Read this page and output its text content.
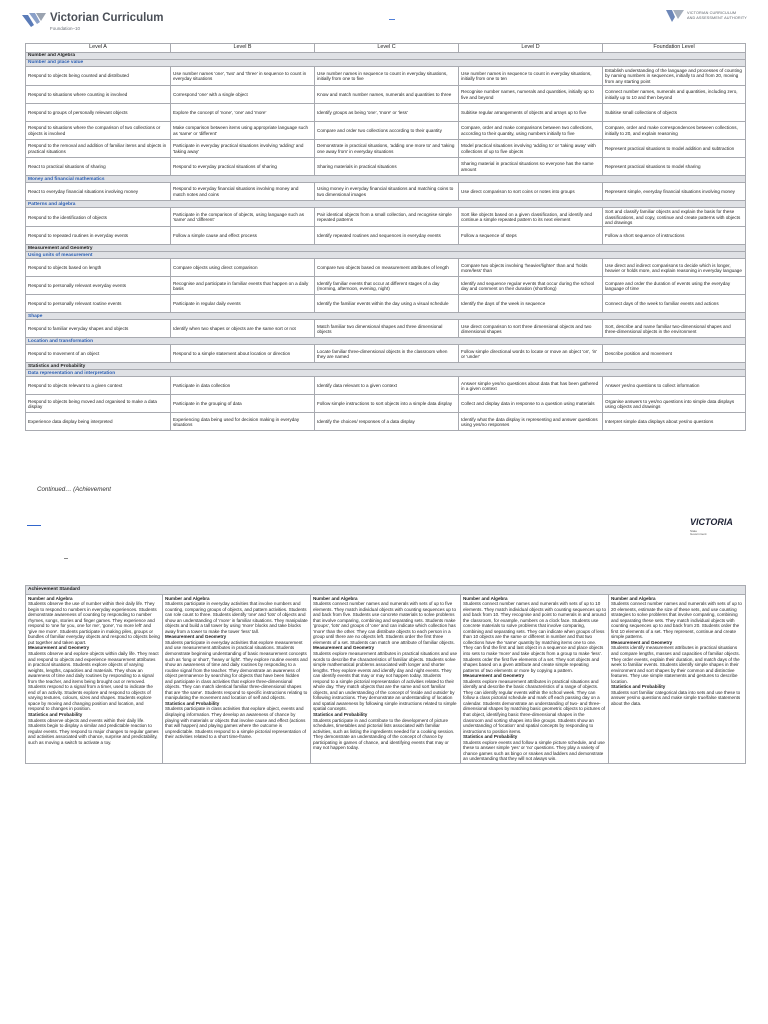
Victorian Curriculum
Foundation–10
VICTORIAN CURRICULUM
AND ASSESSMENT AUTHORITY
Level A	Level B	Level C	Level D	Foundation Level
Number and Algebra				
Number and place value				
Respond to objects being counted and distributed	Use number names 'one', 'two' and 'three' in sequence to count in everyday situations	Use number names in sequence to count in everyday situations, initially from one to five	Use number names in sequence to count in everyday situations, initially from one to ten	Establish understanding of the language and processes of counting by naming numbers in sequences, initially to and from 20, moving from any starting point
Respond to situations where counting is involved	Correspond 'one' with a single object	Know and match number names, numerals and quantities to three	Recognise number names, numerals and quantities, initially up to five and beyond	Connect number names, numerals and quantities, including zero, initially up to 10 and then beyond
Respond to groups of personally relevant objects	Explore the concept of 'none', 'one' and 'more'	Identify groups as being 'one', 'more' or 'less'	Subitise regular arrangements of objects and arrays up to five	Subitise small collections of objects
Respond to situations where the comparison of two collections or objects is involved	Make comparison between items using appropriate language such as 'same' or 'different'	Compare and order two collections according to their quantity	Compare, order and make comparisons between two collections, according to their quantity, using numbers initially to five	Compare, order and make correspondences between collections, initially to 20, and explain reasoning
Respond to the removal and addition of familiar items and objects in practical situations	Participate in everyday practical situations involving 'adding' and 'taking away'	Demonstrate in practical situations, 'adding one more to' and 'taking one away from' in everyday situations	Model practical situations involving 'adding to' or 'taking away' with collections of up to five objects	Represent practical situations to model addition and subtraction
React to practical situations of sharing	Respond to everyday practical situations of sharing	Sharing materials in practical situations	Sharing material in practical situations so everyone has the same amount	Represent practical situations to model sharing
Money and financial mathematics				
React to everyday financial situations involving money	Respond to everyday financial situations involving money and match notes and coins	Using money in everyday financial situations and matching coins to two dimensional images	Use direct comparison to sort coins or notes into groups	Represent simple, everyday financial situations involving money
Patterns and algebra				
Respond to the identification of objects	Participate in the comparison of objects, using language such as 'same' and 'different'	Pair identical objects from a small collection, and recognise simple repeated patterns	Sort like objects based on a given classification, and identify and continue a simple repeated pattern to its next element	Sort and classify familiar objects and explain the basis for these classifications, and copy, continue and create patterns with objects and drawings
Respond to repeated routines in everyday events	Follow a simple cause and effect process	Identify repeated routines and sequences in everyday events	Follow a sequence of steps	Follow a short sequence of instructions
Measurement and Geometry				
Using units of measurement				
Respond to objects based on length	Compare objects using direct comparison	Compare two objects based on measurement attributes of length	Compare two objects involving 'heavier/lighter' than and 'holds more/less' than	Use direct and indirect comparisons to decide which is longer, heavier or holds more, and explain reasoning in everyday language
Respond to personally relevant everyday events	Recognise and participate in familiar events that happen on a daily basis	Identify familiar events that occur at different stages of a day (morning, afternoon, evening, night)	Identify and sequence regular events that occur during the school day and comment on their duration (short/long)	Compare and order the duration of events using the everyday language of time
Respond to personally relevant routine events	Participate in regular daily events	Identify the familiar events within the day using a visual schedule	Identify the days of the week in sequence	Connect days of the week to familiar events and actions
Shape				
Respond to familiar everyday shapes and objects	Identify when two shapes or objects are the same sort or not	Match familiar two dimensional shapes and three dimensional objects	Use direct comparison to sort three dimensional objects and two dimensional shapes	Sort, describe and name familiar two-dimensional shapes and three-dimensional objects in the environment
Location and transformation				
Respond to movement of an object	Respond to a simple statement about location or direction	Locate familiar three-dimensional objects in the classroom when they are named	Follow simple directional words to locate or move an object 'on', 'in' or 'under'	Describe position and movement
Statistics and Probability				
Data representation and interpretation				
Respond to objects relevant to a given context	Participate in data collection	Identify data relevant to a given context	Answer simple yes/no questions about data that has been gathered in a given context	Answer yes/no questions to collect information
Respond to objects being moved and organised to make a data display	Participate in the grouping of data	Follow simple instructions to sort objects into a simple data display	Collect and display data in response to a question using materials	Organise answers to yes/no questions into simple data displays using objects and drawings
Experience data display being interpreted	Experiencing data being used for decision making in everyday situations	Identify the choices/ responses of a data display	Identify what the data display is representing and answer questions using yes/no responses	Interpret simple data displays about yes/no questions
Continued… (Achievement
VICTORIA
State
Government
Achievement Standard

Number and Algebra
Students observe the use of number within their daily life. They begin to respond to numbers in everyday experiences. Students demonstrate awareness of counting by responding to number rhymes, songs, stories and finger games. They experience and respond to 'one for you, one for me', 'gone', 'no more left' and 'give me more'. Students participate in making piles, groups or bundles of familiar everyday objects and respond to objects being put together and taken apart.
Measurement and Geometry
Students observe and explore objects within daily life. They react and respond to objects and experience measurement attributes in practical situations. Students explore objects of varying weights, lengths, capacities and materials. They show an awareness of time and daily routines by responding to a signal from the teacher, and items being brought out or removed. Students respond to a signal from a timer, used to indicate the end of an activity. Students explore and respond to objects of varying textures, colours, sizes and shapes. Students explore space by moving and changing position and location, and respond to changes in position.
Statistics and Probability
Students observe objects and events within their daily life. Students begin to display a similar and predictable reaction to regular events. They respond to major changes to regular games and activities associated with chance, surprise and predictability, such as moving a switch to activate a toy.

Number and Algebra
Students participate in everyday activities that involve numbers and counting, comparing groups of objects, and pattern activities. Students can role count to three. Students identify 'one' and 'lots' of objects and show an understanding of 'more' in familiar situations. They manipulate objects and build a tall tower by using 'more' blocks and take blocks away from a tower to make the tower 'less' tall.
Measurement and Geometry
Students participate in everyday activities that explore measurement and use measurement attributes in practical situations. Students demonstrate beginning understanding of basic measurement concepts such as 'long or short', 'heavy or light'. They explore routine events and show an awareness of time and daily routines by responding to a routine signal from the teacher. They demonstrate an awareness of object permanence by searching for objects that have been hidden and participate in class activities that explore three-dimensional objects. They can match identical familiar three-dimensional shapes that are 'the same'. Students respond to specific instructions relating to manipulating the movement and location of self and objects.
Statistics and Probability
Students participate in class activities that explore object, events and displaying information. They develop an awareness of chance by playing with materials or objects that involve cause and effect (actions that will happen) and playing games where the outcome is unpredictable. Students respond to a simple pictorial representation of their activities related to a short time-frame.

Number and Algebra
Students connect number names and numerals with sets of up to five elements. They match individual objects with counting sequences up to and back from five. Students use concrete materials to solve problems that involve comparing, combining and separating sets. Students make 'groups', 'lots' and groups of 'one' and can indicate which collection has 'more' than the other. They can distribute objects to each person in a group until there are no objects left. Students order the first three elements of a set. Students can match one attribute of familiar objects.
Measurement and Geometry
Students explore measurement attributes in practical situations and use words to describe the characteristics of familiar objects. Students solve simple mathematical problems associated with longer and shorter lengths. They explore events and identify day and night events. They can identify events that may or may not happen today. Students respond to a simple pictorial representation of activities related to their whole day. They match objects that are the same and sort familiar objects, and an understanding of the concept of 'inside and outside' by following instructions. They demonstrate an understanding of location and spatial awareness by following simple instructions related to simple spatial concepts.
Statistics and Probability
Students participate in and contribute to the development of picture schedules, timetables and pictorial lists associated with familiar activities, such as listing the ingredients needed for a cooking session. They demonstrate an understanding of the concept of chance by participating in games of chance, and identifying events that may or may not happen today.

Number and Algebra
Students connect number names and numerals with sets of up to 10 elements. They match individual objects with counting sequences up to and back from 10. They recognise and point to numerals in and around the classroom, for example, numbers on a clock face. Students use concrete materials to solve problems that involve comparing, combining and separating sets. They can indicate when groups of less than 10 objects are the same or different in number and that two collections have the 'same' quantity by matching items one to one. They can find the first and last object in a sequence and place objects into sets to make 'more' and take objects from a group to make 'less'. Students order the first five elements of a set. They sort objects and shapes based on a given attribute and create simple repeating patterns of two elements or more by copying a pattern.
Measurement and Geometry
Students explore measurement attributes in practical situations and identify and describe the basic characteristics of a range of objects. They can identify regular events within the school week. They can follow a class pictorial schedule and mark off each passing day on a calendar. Students demonstrate an understanding of two- and three-dimensional shapes by matching basic geometric objects to pictures of that object, identifying basic three-dimensional shapes in the classroom and sorting shapes into like groups. Students show an understanding of 'location' and spatial concepts by responding to instructions to position items.
Statistics and Probability
Students explore events and follow a simple picture schedule, and use these to answer simple 'yes' or 'no' questions. They play a variety of chance games such as bingo or snakes and ladders and demonstrate an understanding that they will not always win.

Number and Algebra
Students connect number names and numerals with sets of up to 20 elements, estimate the size of these sets, and use counting strategies to solve problems that involve comparing, combining and separating these sets. They match individual objects with counting sequences up to and back from 20. Students order the first 10 elements of a set. They represent, continue and create simple patterns.
Measurement and Geometry
Students identify measurement attributes in practical situations and compare lengths, masses and capacities of familiar objects. They order events, explain their duration, and match days of the week to familiar events. Students identify simple shapes in their environment and sort shapes by their common and distinctive features. They use simple statements and gestures to describe location.
Statistics and Probability
Students sort familiar categorical data into sets and use these to answer yes/no questions and make simple true/false statements about the data.
